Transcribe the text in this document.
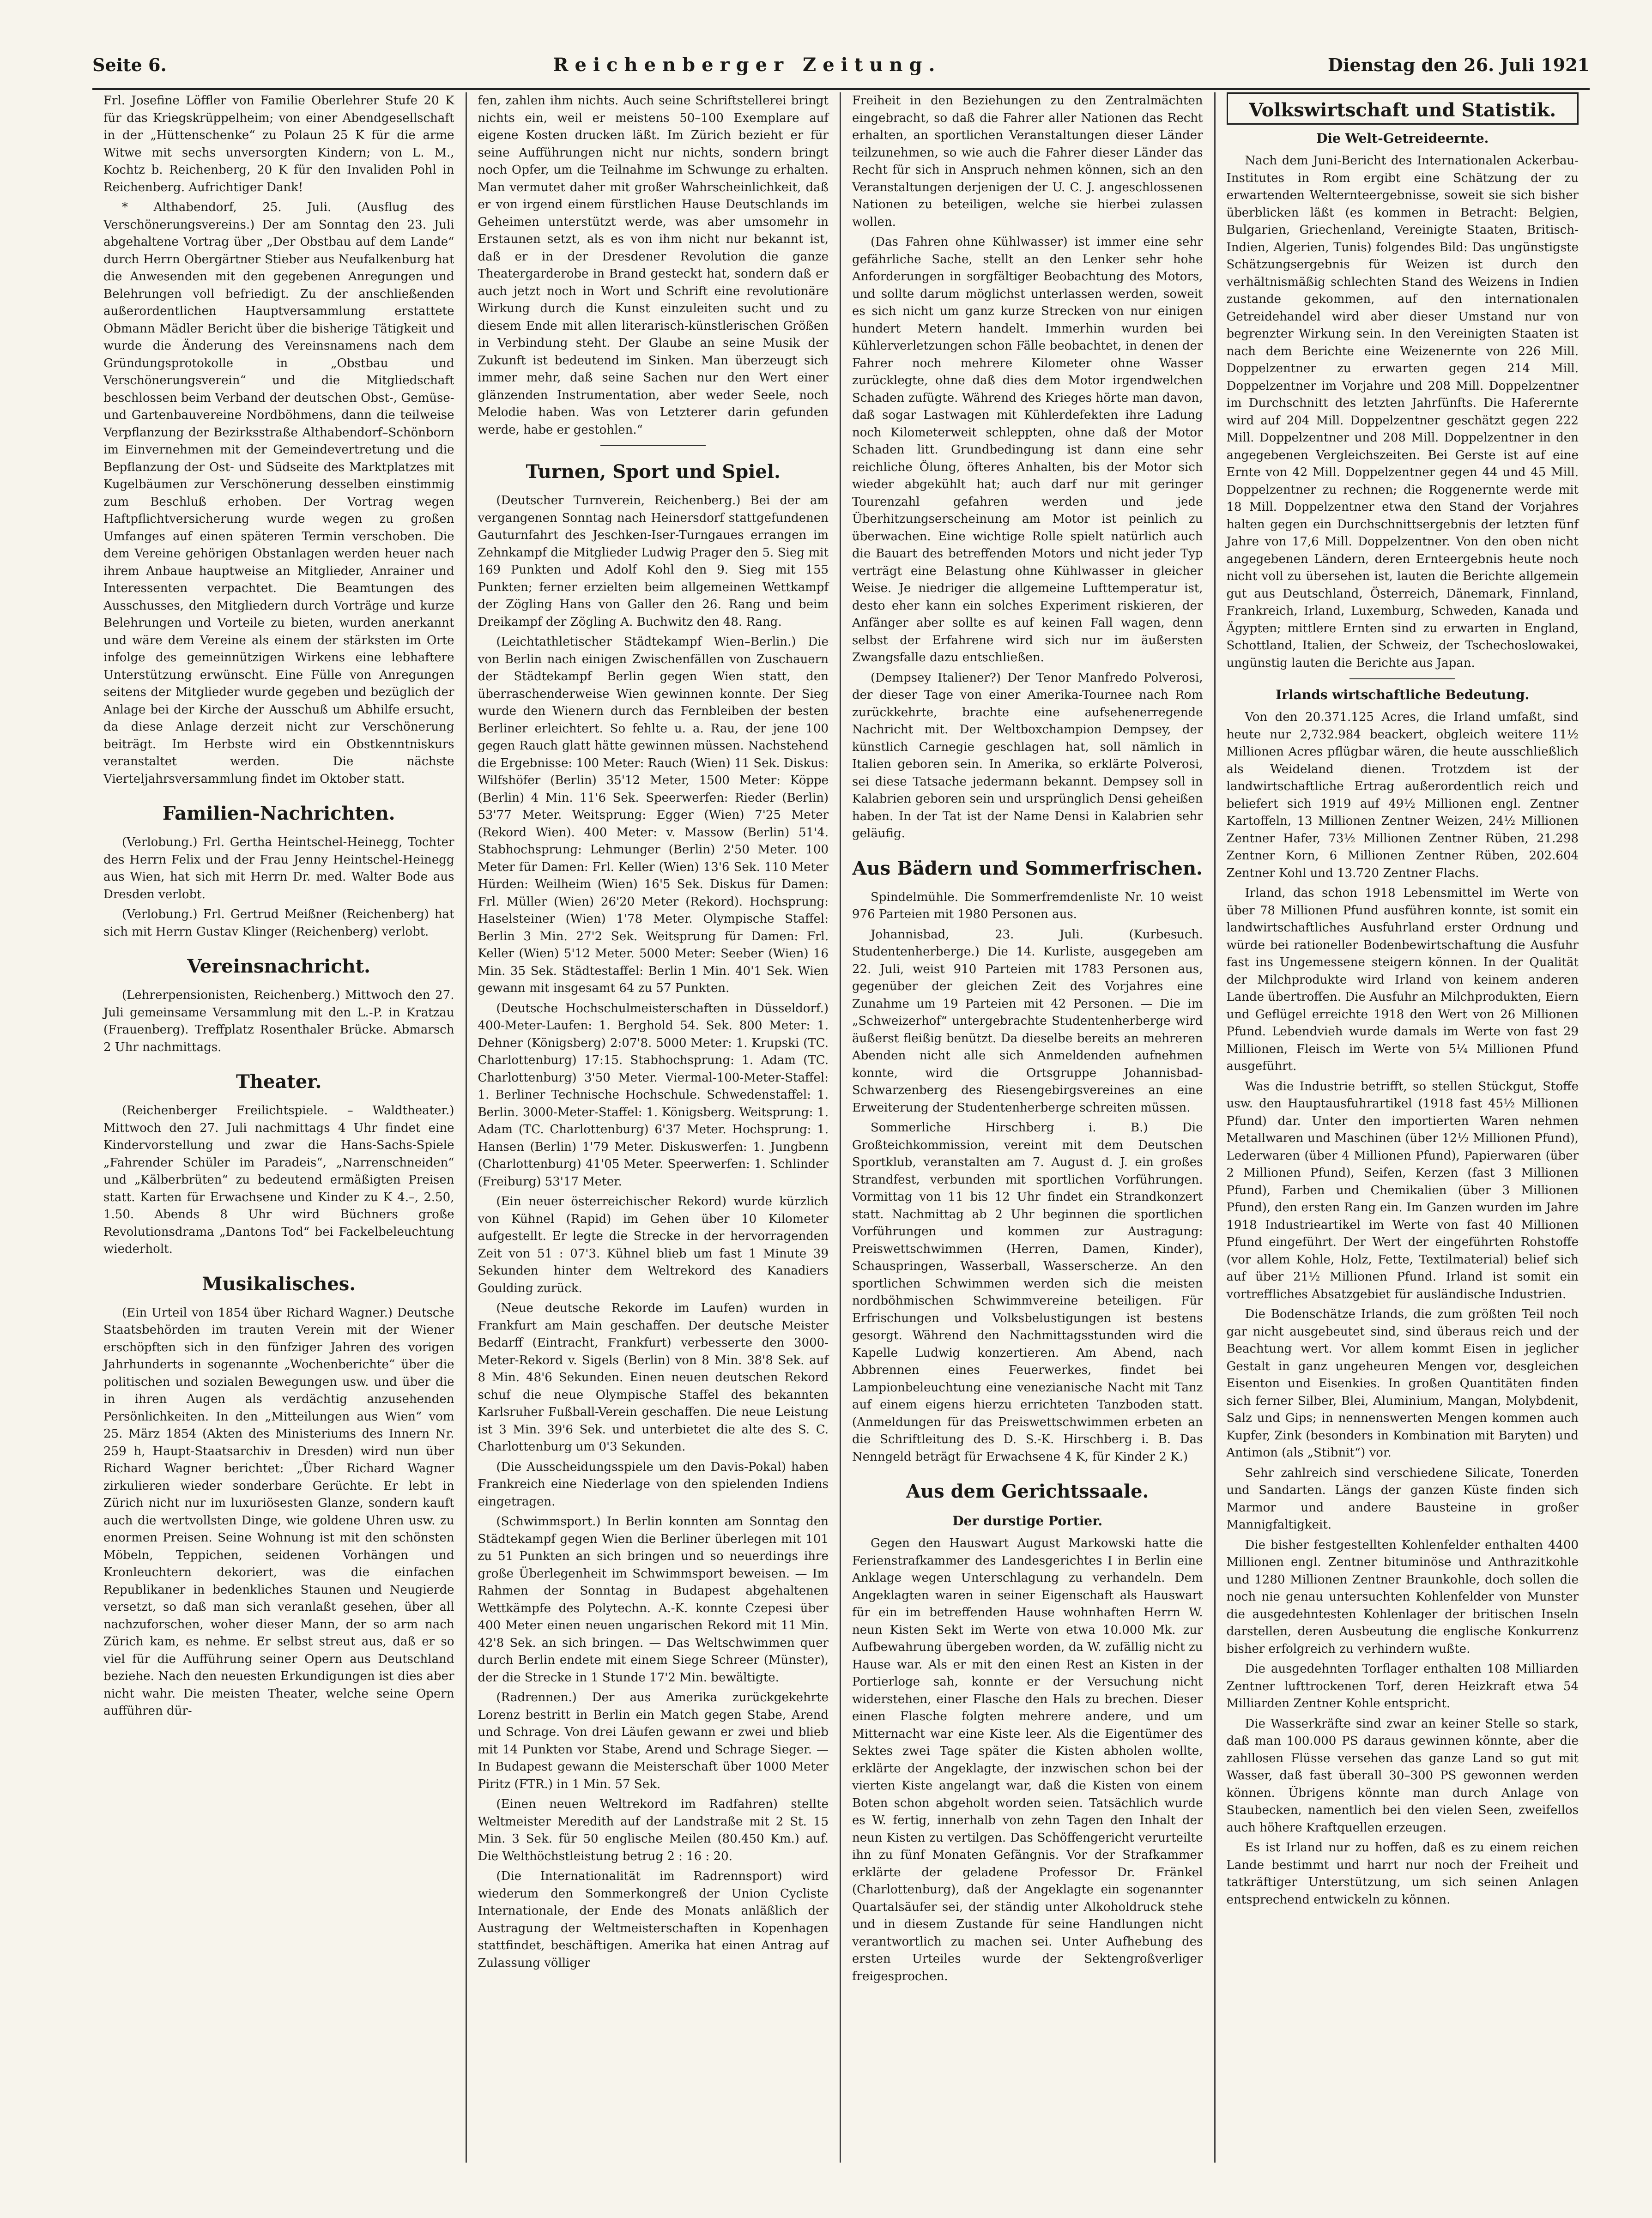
Seite 6.	Reichenberger Zeitung.	Dienstag den 26. Juli 1921

Frl. Josefine Löffler von Familie Oberlehrer Stufe 20 K für das Kriegskrüppelheim; von einer Abendgesellschaft in der „Hüttenschenke“ zu Polaun 25 K für die arme Witwe mit sechs unversorgten Kindern; von L. M., Kochtz b. Reichenberg, 20 K für den Invaliden Pohl in Reichenberg. Aufrichtiger Dank!

* Althabendorf, 25. Juli. (Ausflug des Verschönerungsvereins.) Der am Sonntag den 23. Juli abgehaltene Vortrag über „Der Obstbau auf dem Lande“ durch Herrn Obergärtner Stieber aus Neufalkenburg hat die Anwesenden mit den gegebenen Anregungen und Belehrungen voll befriedigt. Zu der anschließenden außerordentlichen Hauptversammlung erstattete Obmann Mädler Bericht über die bisherige Tätigkeit und wurde die Änderung des Vereinsnamens nach dem Gründungsprotokolle in „Obstbau und Verschönerungsverein“ und die Mitgliedschaft beschlossen beim Verband der deutschen Obst-, Gemüse- und Gartenbauvereine Nordböhmens, dann die teilweise Verpflanzung der Bezirksstraße Althabendorf–Schönborn im Einvernehmen mit der Gemeindevertretung und die Bepflanzung der Ost- und Südseite des Marktplatzes mit Kugelbäumen zur Verschönerung desselben einstimmig zum Beschluß erhoben. Der Vortrag wegen Haftpflichtversicherung wurde wegen zu großen Umfanges auf einen späteren Termin verschoben. Die dem Vereine gehörigen Obstanlagen werden heuer nach ihrem Anbaue hauptweise an Mitglieder, Anrainer und Interessenten verpachtet. Die Beamtungen des Ausschusses, den Mitgliedern durch Vorträge und kurze Belehrungen und Vorteile zu bieten, wurden anerkannt und wäre dem Vereine als einem der stärksten im Orte infolge des gemeinnützigen Wirkens eine lebhaftere Unterstützung erwünscht. Eine Fülle von Anregungen seitens der Mitglieder wurde gegeben und bezüglich der Anlage bei der Kirche der Ausschuß um Abhilfe ersucht, da diese Anlage derzeit nicht zur Verschönerung beiträgt. Im Herbste wird ein Obstkenntniskurs veranstaltet werden. Die nächste Vierteljahrsversammlung findet im Oktober statt.

Familien-Nachrichten.

(Verlobung.) Frl. Gertha Heintschel-Heinegg, Tochter des Herrn Felix und der Frau Jenny Heintschel-Heinegg aus Wien, hat sich mit Herrn Dr. med. Walter Bode aus Dresden verlobt.

(Verlobung.) Frl. Gertrud Meißner (Reichenberg) hat sich mit Herrn Gustav Klinger (Reichenberg) verlobt.

Vereinsnachricht.

(Lehrerpensionisten, Reichenberg.) Mittwoch den 27. Juli gemeinsame Versammlung mit den L.-P. in Kratzau (Frauenberg). Treffplatz Rosenthaler Brücke. Abmarsch 2 Uhr nachmittags.

Theater.

(Reichenberger Freilichtspiele. – Waldtheater.) Mittwoch den 27. Juli nachmittags 4 Uhr findet eine Kindervorstellung und zwar die Hans-Sachs-Spiele „Fahrender Schüler im Paradeis“, „Narrenschneiden“ und „Kälberbrüten“ zu bedeutend ermäßigten Preisen statt. Karten für Erwachsene und Kinder zu K 4.–, 2.50, 1.50. Abends 8 Uhr wird Büchners große Revolutionsdrama „Dantons Tod“ bei Fackelbeleuchtung wiederholt.

Musikalisches.

(Ein Urteil von 1854 über Richard Wagner.) Deutsche Staatsbehörden im trauten Verein mit der Wiener erschöpften sich in den fünfziger Jahren des vorigen Jahrhunderts in sogenannte „Wochenberichte“ über die politischen und sozialen Bewegungen usw. und über die in ihren Augen als verdächtig anzusehenden Persönlichkeiten. In den „Mitteilungen aus Wien“ vom 25. März 1854 (Akten des Ministeriums des Innern Nr. 259 h, Haupt-Staatsarchiv in Dresden) wird nun über Richard Wagner berichtet: „Über Richard Wagner zirkulieren wieder sonderbare Gerüchte. Er lebt in Zürich nicht nur im luxuriösesten Glanze, sondern kauft auch die wertvollsten Dinge, wie goldene Uhren usw. zu enormen Preisen. Seine Wohnung ist mit den schönsten Möbeln, Teppichen, seidenen Vorhängen und Kronleuchtern dekoriert, was die einfachen Republikaner in bedenkliches Staunen und Neugierde versetzt, so daß man sich veranlaßt gesehen, über all nachzuforschen, woher dieser Mann, der so arm nach Zürich kam, es nehme. Er selbst streut aus, daß er so viel für die Aufführung seiner Opern aus Deutschland beziehe. Nach den neuesten Erkundigungen ist dies aber nicht wahr. Die meisten Theater, welche seine Opern aufführen dür-

fen, zahlen ihm nichts. Auch seine Schriftstellerei bringt nichts ein, weil er meistens 50–100 Exemplare auf eigene Kosten drucken läßt. Im Zürich bezieht er für seine Aufführungen nicht nur nichts, sondern bringt noch Opfer, um die Teilnahme im Schwunge zu erhalten. Man vermutet daher mit großer Wahrscheinlichkeit, daß er von irgend einem fürstlichen Hause Deutschlands im Geheimen unterstützt werde, was aber umsomehr in Erstaunen setzt, als es von ihm nicht nur bekannt ist, daß er in der Dresdener Revolution die ganze Theatergarderobe in Brand gesteckt hat, sondern daß er auch jetzt noch in Wort und Schrift eine revolutionäre Wirkung durch die Kunst einzuleiten sucht und zu diesem Ende mit allen literarisch-künstlerischen Größen in Verbindung steht. Der Glaube an seine Musik der Zukunft ist bedeutend im Sinken. Man überzeugt sich immer mehr, daß seine Sachen nur den Wert einer glänzenden Instrumentation, aber weder Seele, noch Melodie haben. Was von Letzterer darin gefunden werde, habe er gestohlen.“

Turnen, Sport und Spiel.

(Deutscher Turnverein, Reichenberg.) Bei der am vergangenen Sonntag nach Heinersdorf stattgefundenen Gauturnfahrt des Jeschken-Iser-Turngaues errangen im Zehnkampf die Mitglieder Ludwig Prager den 5. Sieg mit 169 Punkten und Adolf Kohl den 9. Sieg mit 155 Punkten; ferner erzielten beim allgemeinen Wettkampf der Zögling Hans von Galler den 26. Rang und beim Dreikampf der Zögling A. Buchwitz den 48. Rang.

(Leichtathletischer Städtekampf Wien–Berlin.) Die von Berlin nach einigen Zwischenfällen von Zuschauern der Städtekampf Berlin gegen Wien statt, den überraschenderweise Wien gewinnen konnte. Der Sieg wurde den Wienern durch das Fernbleiben der besten Berliner erleichtert. So fehlte u. a. Rau, der jene 100 gegen Rauch glatt hätte gewinnen müssen. Nachstehend die Ergebnisse: 100 Meter: Rauch (Wien) 11 Sek. Diskus: Wilfshöfer (Berlin) 35'12 Meter, 1500 Meter: Köppe (Berlin) 4 Min. 11'6 Sek. Speerwerfen: Rieder (Berlin) 53'77 Meter. Weitsprung: Egger (Wien) 7'25 Meter (Rekord Wien). 400 Meter: v. Massow (Berlin) 51'4. Stabhochsprung: Lehmunger (Berlin) 2'50 Meter. 100 Meter für Damen: Frl. Keller (Wien) 13'6 Sek. 110 Meter Hürden: Weilheim (Wien) 16'5 Sek. Diskus für Damen: Frl. Müller (Wien) 26'20 Meter (Rekord). Hochsprung: Haselsteiner (Wien) 1'78 Meter. Olympische Staffel: Berlin 3 Min. 27'2 Sek. Weitsprung für Damen: Frl. Keller (Wien) 5'12 Meter. 5000 Meter: Seeber (Wien) 16 Min. 35 Sek. Städtestaffel: Berlin 1 Min. 40'1 Sek. Wien gewann mit insgesamt 64 zu 57 Punkten.

(Deutsche Hochschulmeisterschaften in Düsseldorf.) 400-Meter-Laufen: 1. Berghold 54. Sek. 800 Meter: 1. Dehner (Königsberg) 2:07'8. 5000 Meter: 1. Krupski (TC. Charlottenburg) 17:15. Stabhochsprung: 1. Adam (TC. Charlottenburg) 3'50 Meter. Viermal-100-Meter-Staffel: 1. Berliner Technische Hochschule. Schwedenstaffel: 1. Berlin. 3000-Meter-Staffel: 1. Königsberg. Weitsprung: 1. Adam (TC. Charlottenburg) 6'37 Meter. Hochsprung: 1. Hansen (Berlin) 1'79 Meter. Diskuswerfen: 1. Jungbenn (Charlottenburg) 41'05 Meter. Speerwerfen: 1. Schlinder (Freiburg) 53'17 Meter.

(Ein neuer österreichischer Rekord) wurde kürzlich von Kühnel (Rapid) im Gehen über 10 Kilometer aufgestellt. Er legte die Strecke in der hervorragenden Zeit von 51 : 07'3. Kühnel blieb um fast 1 Minute 39 Sekunden hinter dem Weltrekord des Kanadiers Goulding zurück.

(Neue deutsche Rekorde im Laufen) wurden in Frankfurt am Main geschaffen. Der deutsche Meister Bedarff (Eintracht, Frankfurt) verbesserte den 3000-Meter-Rekord v. Sigels (Berlin) von 8 Min. 38'8 Sek. auf 8 Min. 48'6 Sekunden. Einen neuen deutschen Rekord schuf die neue Olympische Staffel des bekannten Karlsruher Fußball-Verein geschaffen. Die neue Leistung ist 3 Min. 39'6 Sek. und unterbietet die alte des S. C. Charlottenburg um 0'3 Sekunden.

(Die Ausscheidungsspiele um den Davis-Pokal) haben Frankreich eine Niederlage von den spielenden Indiens eingetragen.

(Schwimmsport.) In Berlin konnten am Sonntag den Städtekampf gegen Wien die Berliner überlegen mit 101 zu 51 Punkten an sich bringen und so neuerdings ihre große Überlegenheit im Schwimmsport beweisen. — Im Rahmen der Sonntag in Budapest abgehaltenen Wettkämpfe des Polytechn. A.-K. konnte Czepesi über 400 Meter einen neuen ungarischen Rekord mit 11 Min. 42'8 Sek. an sich bringen. — Das Weltschwimmen quer durch Berlin endete mit einem Siege Schreer (Münster), der die Strecke in 1 Stunde 17'2 Min. bewältigte.

(Radrennen.) Der aus Amerika zurückgekehrte Lorenz bestritt in Berlin ein Match gegen Stabe, Arend und Schrage. Von drei Läufen gewann er zwei und blieb mit 14 Punkten vor Stabe, Arend und Schrage Sieger. — In Budapest gewann die Meisterschaft über 1000 Meter Piritz (FTR.) in 1 Min. 57 Sek.

(Einen neuen Weltrekord im Radfahren) stellte Weltmeister Meredith auf der Landstraße mit 2 St. 15 Min. 3 Sek. für 50 englische Meilen (80.450 Km.) auf. Die Welthöchstleistung betrug 2 : 16 : 20.

(Die Internationalität im Radrennsport) wird wiederum den Sommerkongreß der Union Cycliste Internationale, der Ende des Monats anläßlich der Austragung der Weltmeisterschaften in Kopenhagen stattfindet, beschäftigen. Amerika hat einen Antrag auf Zulassung völliger

Freiheit in den Beziehungen zu den Zentralmächten eingebracht, so daß die Fahrer aller Nationen das Recht erhalten, an sportlichen Veranstaltungen dieser Länder teilzunehmen, so wie auch die Fahrer dieser Länder das Recht für sich in Anspruch nehmen können, sich an den Veranstaltungen derjenigen der U. C. J. angeschlossenen Nationen zu beteiligen, welche sie hierbei zulassen wollen.

(Das Fahren ohne Kühlwasser) ist immer eine sehr gefährliche Sache, stellt an den Lenker sehr hohe Anforderungen in sorgfältiger Beobachtung des Motors, und sollte darum möglichst unterlassen werden, soweit es sich nicht um ganz kurze Strecken von nur einigen hundert Metern handelt. Immerhin wurden bei Kühlerverletzungen schon Fälle beobachtet, in denen der Fahrer noch mehrere Kilometer ohne Wasser zurücklegte, ohne daß dies dem Motor irgendwelchen Schaden zufügte. Während des Krieges hörte man davon, daß sogar Lastwagen mit Kühlerdefekten ihre Ladung noch Kilometerweit schleppten, ohne daß der Motor Schaden litt. Grundbedingung ist dann eine sehr reichliche Ölung, öfteres Anhalten, bis der Motor sich wieder abgekühlt hat; auch darf nur mit geringer Tourenzahl gefahren werden und jede Überhitzungserscheinung am Motor ist peinlich zu überwachen. Eine wichtige Rolle spielt natürlich auch die Bauart des betreffenden Motors und nicht jeder Typ verträgt eine Belastung ohne Kühlwasser in gleicher Weise. Je niedriger die allgemeine Lufttemperatur ist, desto eher kann ein solches Experiment riskieren, der Anfänger aber sollte es auf keinen Fall wagen, denn selbst der Erfahrene wird sich nur im äußersten Zwangsfalle dazu entschließen.

(Dempsey Italiener?) Der Tenor Manfredo Polverosi, der dieser Tage von einer Amerika-Tournee nach Rom zurückkehrte, brachte eine aufsehenerregende Nachricht mit. Der Weltboxchampion Dempsey, der künstlich Carnegie geschlagen hat, soll nämlich in Italien geboren sein. In Amerika, so erklärte Polverosi, sei diese Tatsache jedermann bekannt. Dempsey soll in Kalabrien geboren sein und ursprünglich Densi geheißen haben. In der Tat ist der Name Densi in Kalabrien sehr geläufig.

Aus Bädern und Sommerfrischen.

Spindelmühle. Die Sommerfremdenliste Nr. 10 weist 976 Parteien mit 1980 Personen aus.

Johannisbad, 23. Juli. (Kurbesuch. Studentenherberge.) Die 14. Kurliste, ausgegeben am 22. Juli, weist 910 Parteien mit 1783 Personen aus, gegenüber der gleichen Zeit des Vorjahres eine Zunahme um 19 Parteien mit 42 Personen. — Die im „Schweizerhof“ untergebrachte Studentenherberge wird äußerst fleißig benützt. Da dieselbe bereits an mehreren Abenden nicht alle sich Anmeldenden aufnehmen konnte, wird die Ortsgruppe Johannisbad-Schwarzenberg des Riesengebirgsvereines an eine Erweiterung der Studentenherberge schreiten müssen.

Sommerliche Hirschberg i. B.) Die Großteichkommission, vereint mit dem Deutschen Sportklub, veranstalten am 7. August d. J. ein großes Strandfest, verbunden mit sportlichen Vorführungen. Vormittag von 11 bis 12 Uhr findet ein Strandkonzert statt. Nachmittag ab 2 Uhr beginnen die sportlichen Vorführungen und kommen zur Austragung: Preiswettschwimmen (Herren, Damen, Kinder), Schauspringen, Wasserball, Wasserscherze. An den sportlichen Schwimmen werden sich die meisten nordböhmischen Schwimmvereine beteiligen. Für Erfrischungen und Volksbelustigungen ist bestens gesorgt. Während den Nachmittagsstunden wird die Kapelle Ludwig konzertieren. Am Abend, nach Abbrennen eines Feuerwerkes, findet bei Lampionbeleuchtung eine venezianische Nacht mit Tanz auf einem eigens hierzu errichteten Tanzboden statt. (Anmeldungen für das Preiswettschwimmen erbeten an die Schriftleitung des D. S.-K. Hirschberg i. B. Das Nenngeld beträgt für Erwachsene 4 K, für Kinder 2 K.)

Aus dem Gerichtssaale.
Der durstige Portier.

Gegen den Hauswart August Markowski hatte die Ferienstrafkammer des Landesgerichtes I in Berlin eine Anklage wegen Unterschlagung zu verhandeln. Dem Angeklagten waren in seiner Eigenschaft als Hauswart für ein im betreffenden Hause wohnhaften Herrn W. neun Kisten Sekt im Werte von etwa 10.000 Mk. zur Aufbewahrung übergeben worden, da W. zufällig nicht zu Hause war. Als er mit den einen Rest an Kisten in der Portierloge sah, konnte er der Versuchung nicht widerstehen, einer Flasche den Hals zu brechen. Dieser einen Flasche folgten mehrere andere, und um Mitternacht war eine Kiste leer. Als die Eigentümer des Sektes zwei Tage später die Kisten abholen wollte, erklärte der Angeklagte, der inzwischen schon bei der vierten Kiste angelangt war, daß die Kisten von einem Boten schon abgeholt worden seien. Tatsächlich wurde es W. fertig, innerhalb von zehn Tagen den Inhalt der neun Kisten zu vertilgen. Das Schöffengericht verurteilte ihn zu fünf Monaten Gefängnis. Vor der Strafkammer erklärte der geladene Professor Dr. Fränkel (Charlottenburg), daß der Angeklagte ein sogenannter Quartalsäufer sei, der ständig unter Alkoholdruck stehe und in diesem Zustande für seine Handlungen nicht verantwortlich zu machen sei. Unter Aufhebung des ersten Urteiles wurde der Sektengroßverliger freigesprochen.

Volkswirtschaft und Statistik.
Die Welt-Getreideernte.

Nach dem Juni-Bericht des Internationalen Ackerbau-Institutes in Rom ergibt eine Schätzung der zu erwartenden Welternteergebnisse, soweit sie sich bisher überblicken läßt (es kommen in Betracht: Belgien, Bulgarien, Griechenland, Vereinigte Staaten, Britisch-Indien, Algerien, Tunis) folgendes Bild: Das ungünstigste Schätzungsergebnis für Weizen ist durch den verhältnismäßig schlechten Stand des Weizens in Indien zustande gekommen, auf den internationalen Getreidehandel wird aber dieser Umstand nur von begrenzter Wirkung sein. In den Vereinigten Staaten ist nach dem Berichte eine Weizenernte von 226 Mill. Doppelzentner zu erwarten gegen 214 Mill. Doppelzentner im Vorjahre und 208 Mill. Doppelzentner im Durchschnitt des letzten Jahrfünfts. Die Haferernte wird auf 204 Mill. Doppelzentner geschätzt gegen 222 Mill. Doppelzentner und 208 Mill. Doppelzentner in den angegebenen Vergleichszeiten. Bei Gerste ist auf eine Ernte von 42 Mill. Doppelzentner gegen 44 und 45 Mill. Doppelzentner zu rechnen; die Roggenernte werde mit 18 Mill. Doppelzentner etwa den Stand der Vorjahres halten gegen ein Durchschnittsergebnis der letzten fünf Jahre von 17,6 Mill. Doppelzentner. Von den oben nicht angegebenen Ländern, deren Ernteergebnis heute noch nicht voll zu übersehen ist, lauten die Berichte allgemein gut aus Deutschland, Österreich, Dänemark, Finnland, Frankreich, Irland, Luxemburg, Schweden, Kanada und Ägypten; mittlere Ernten sind zu erwarten in England, Schottland, Italien, der Schweiz, der Tschechoslowakei, ungünstig lauten die Berichte aus Japan.

Irlands wirtschaftliche Bedeutung.

Von den 20.371.125 Acres, die Irland umfaßt, sind heute nur 2,732.984 beackert, obgleich weitere 11½ Millionen Acres pflügbar wären, die heute ausschließlich als Weideland dienen. Trotzdem ist der landwirtschaftliche Ertrag außerordentlich reich und beliefert sich 1919 auf 49½ Millionen engl. Zentner Kartoffeln, 13 Millionen Zentner Weizen, 24½ Millionen Zentner Hafer, 73½ Millionen Zentner Rüben, 21.298 Zentner Korn, 6 Millionen Zentner Rüben, 202.604 Zentner Kohl und 13.720 Zentner Flachs.

Irland, das schon 1918 Lebensmittel im Werte von über 78 Millionen Pfund ausführen konnte, ist somit ein landwirtschaftliches Ausfuhrland erster Ordnung und würde bei rationeller Bodenbewirtschaftung die Ausfuhr fast ins Ungemessene steigern können. In der Qualität der Milchprodukte wird Irland von keinem anderen Lande übertroffen. Die Ausfuhr an Milchprodukten, Eiern und Geflügel erreichte 1918 den Wert von 26 Millionen Pfund. Lebendvieh wurde damals im Werte von fast 29 Millionen, Fleisch im Werte von 5¼ Millionen Pfund ausgeführt.

Was die Industrie betrifft, so stellen Stückgut, Stoffe usw. den Hauptausfuhrartikel (1918 fast 45½ Millionen Pfund) dar. Unter den importierten Waren nehmen Metallwaren und Maschinen (über 12½ Millionen Pfund), Lederwaren (über 4 Millionen Pfund), Papierwaren (über 2 Millionen Pfund), Seifen, Kerzen (fast 3 Millionen Pfund), Farben und Chemikalien (über 3 Millionen Pfund), den ersten Rang ein. Im Ganzen wurden im Jahre 1918 Industrieartikel im Werte von fast 40 Millionen Pfund eingeführt. Der Wert der eingeführten Rohstoffe (vor allem Kohle, Holz, Fette, Textilmaterial) belief sich auf über 21½ Millionen Pfund. Irland ist somit ein vortreffliches Absatzgebiet für ausländische Industrien.

Die Bodenschätze Irlands, die zum größten Teil noch gar nicht ausgebeutet sind, sind überaus reich und der Beachtung wert. Vor allem kommt Eisen in jeglicher Gestalt in ganz ungeheuren Mengen vor, desgleichen Eisenton und Eisenkies. In großen Quantitäten finden sich ferner Silber, Blei, Aluminium, Mangan, Molybdenit, Salz und Gips; in nennenswerten Mengen kommen auch Kupfer, Zink (besonders in Kombination mit Baryten) und Antimon (als „Stibnit“) vor.

Sehr zahlreich sind verschiedene Silicate, Tonerden und Sandarten. Längs der ganzen Küste finden sich Marmor und andere Bausteine in großer Mannigfaltigkeit.

Die bisher festgestellten Kohlenfelder enthalten 4400 Millionen engl. Zentner bituminöse und Anthrazitkohle und 1280 Millionen Zentner Braunkohle, doch sollen die noch nie genau untersuchten Kohlenfelder von Munster die ausgedehntesten Kohlenlager der britischen Inseln darstellen, deren Ausbeutung die englische Konkurrenz bisher erfolgreich zu verhindern wußte.

Die ausgedehnten Torflager enthalten 108 Milliarden Zentner lufttrockenen Torf, deren Heizkraft etwa 54 Milliarden Zentner Kohle entspricht.

Die Wasserkräfte sind zwar an keiner Stelle so stark, daß man 100.000 PS daraus gewinnen könnte, aber die zahllosen Flüsse versehen das ganze Land so gut mit Wasser, daß fast überall 30–300 PS gewonnen werden können. Übrigens könnte man durch Anlage von Staubecken, namentlich bei den vielen Seen, zweifellos auch höhere Kraftquellen erzeugen.

Es ist Irland nur zu hoffen, daß es zu einem reichen Lande bestimmt und harrt nur noch der Freiheit und tatkräftiger Unterstützung, um sich seinen Anlagen entsprechend entwickeln zu können.
